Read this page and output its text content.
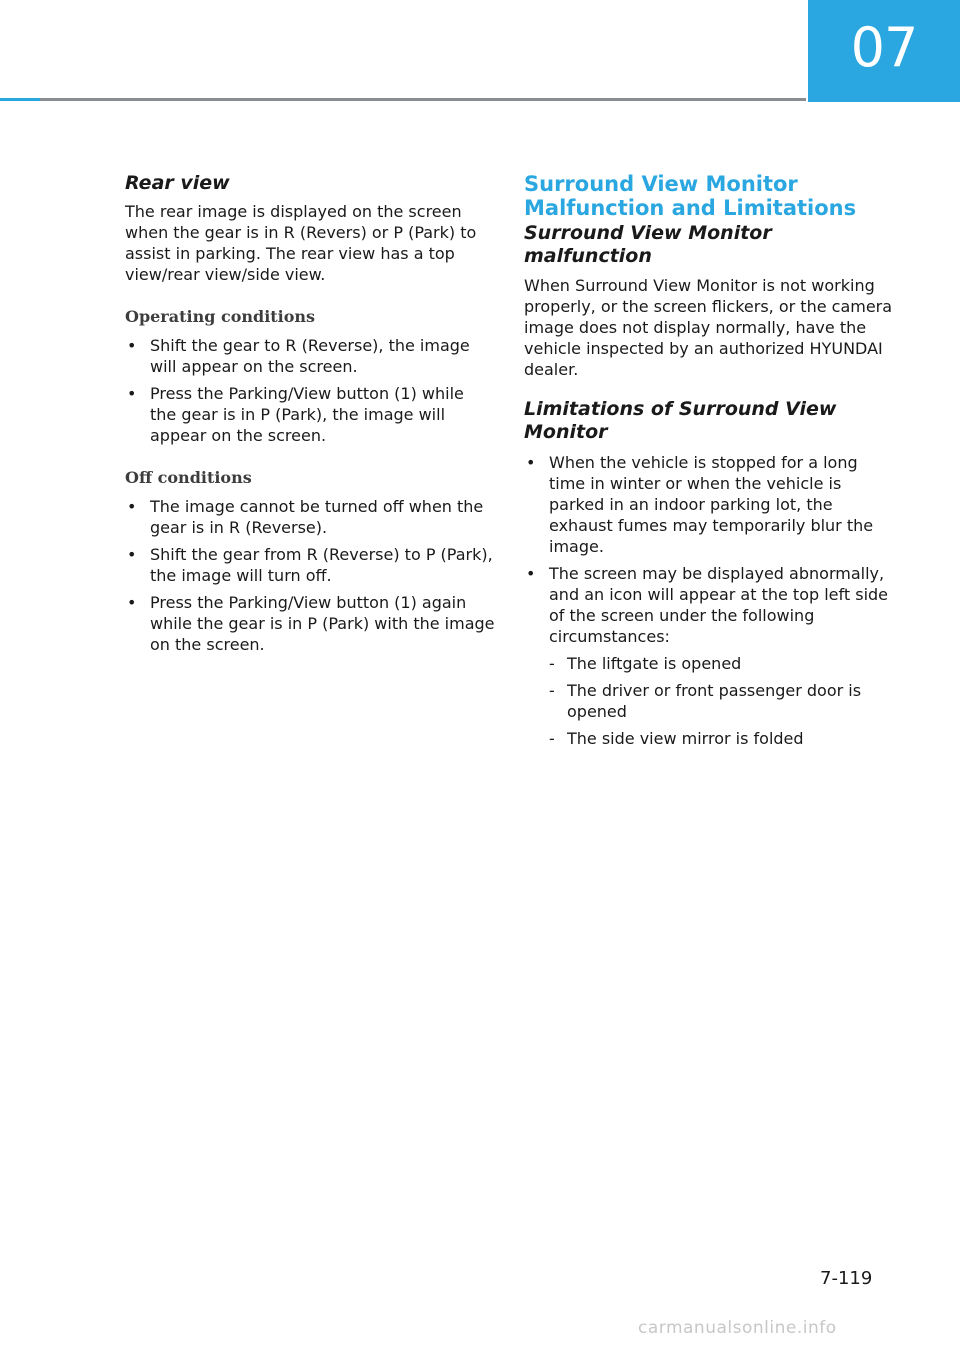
07
Rear view

The rear image is displayed on the screen when the gear is in R (Revers) or P (Park) to assist in parking. The rear view has a top view/rear view/side view.

Operating conditions
• Shift the gear to R (Reverse), the image will appear on the screen.
• Press the Parking/View button (1) while the gear is in P (Park), the image will appear on the screen.
Off conditions
• The image cannot be turned off when the gear is in R (Reverse).
• Shift the gear from R (Reverse) to P (Park), the image will turn off.
• Press the Parking/View button (1) again while the gear is in P (Park) with the image on the screen.
Surround View Monitor
Malfunction and Limitations
Surround View Monitor malfunction

When Surround View Monitor is not working properly, or the screen flickers, or the camera image does not display normally, have the vehicle inspected by an authorized HYUNDAI dealer.

Limitations of Surround View Monitor
• When the vehicle is stopped for a long time in winter or when the vehicle is parked in an indoor parking lot, the exhaust fumes may temporarily blur the image.
• The screen may be displayed abnormally, and an icon will appear at the top left side of the screen under the following circumstances:
- The liftgate is opened
- The driver or front passenger door is opened
- The side view mirror is folded
7-119
carmanualsonline.info
